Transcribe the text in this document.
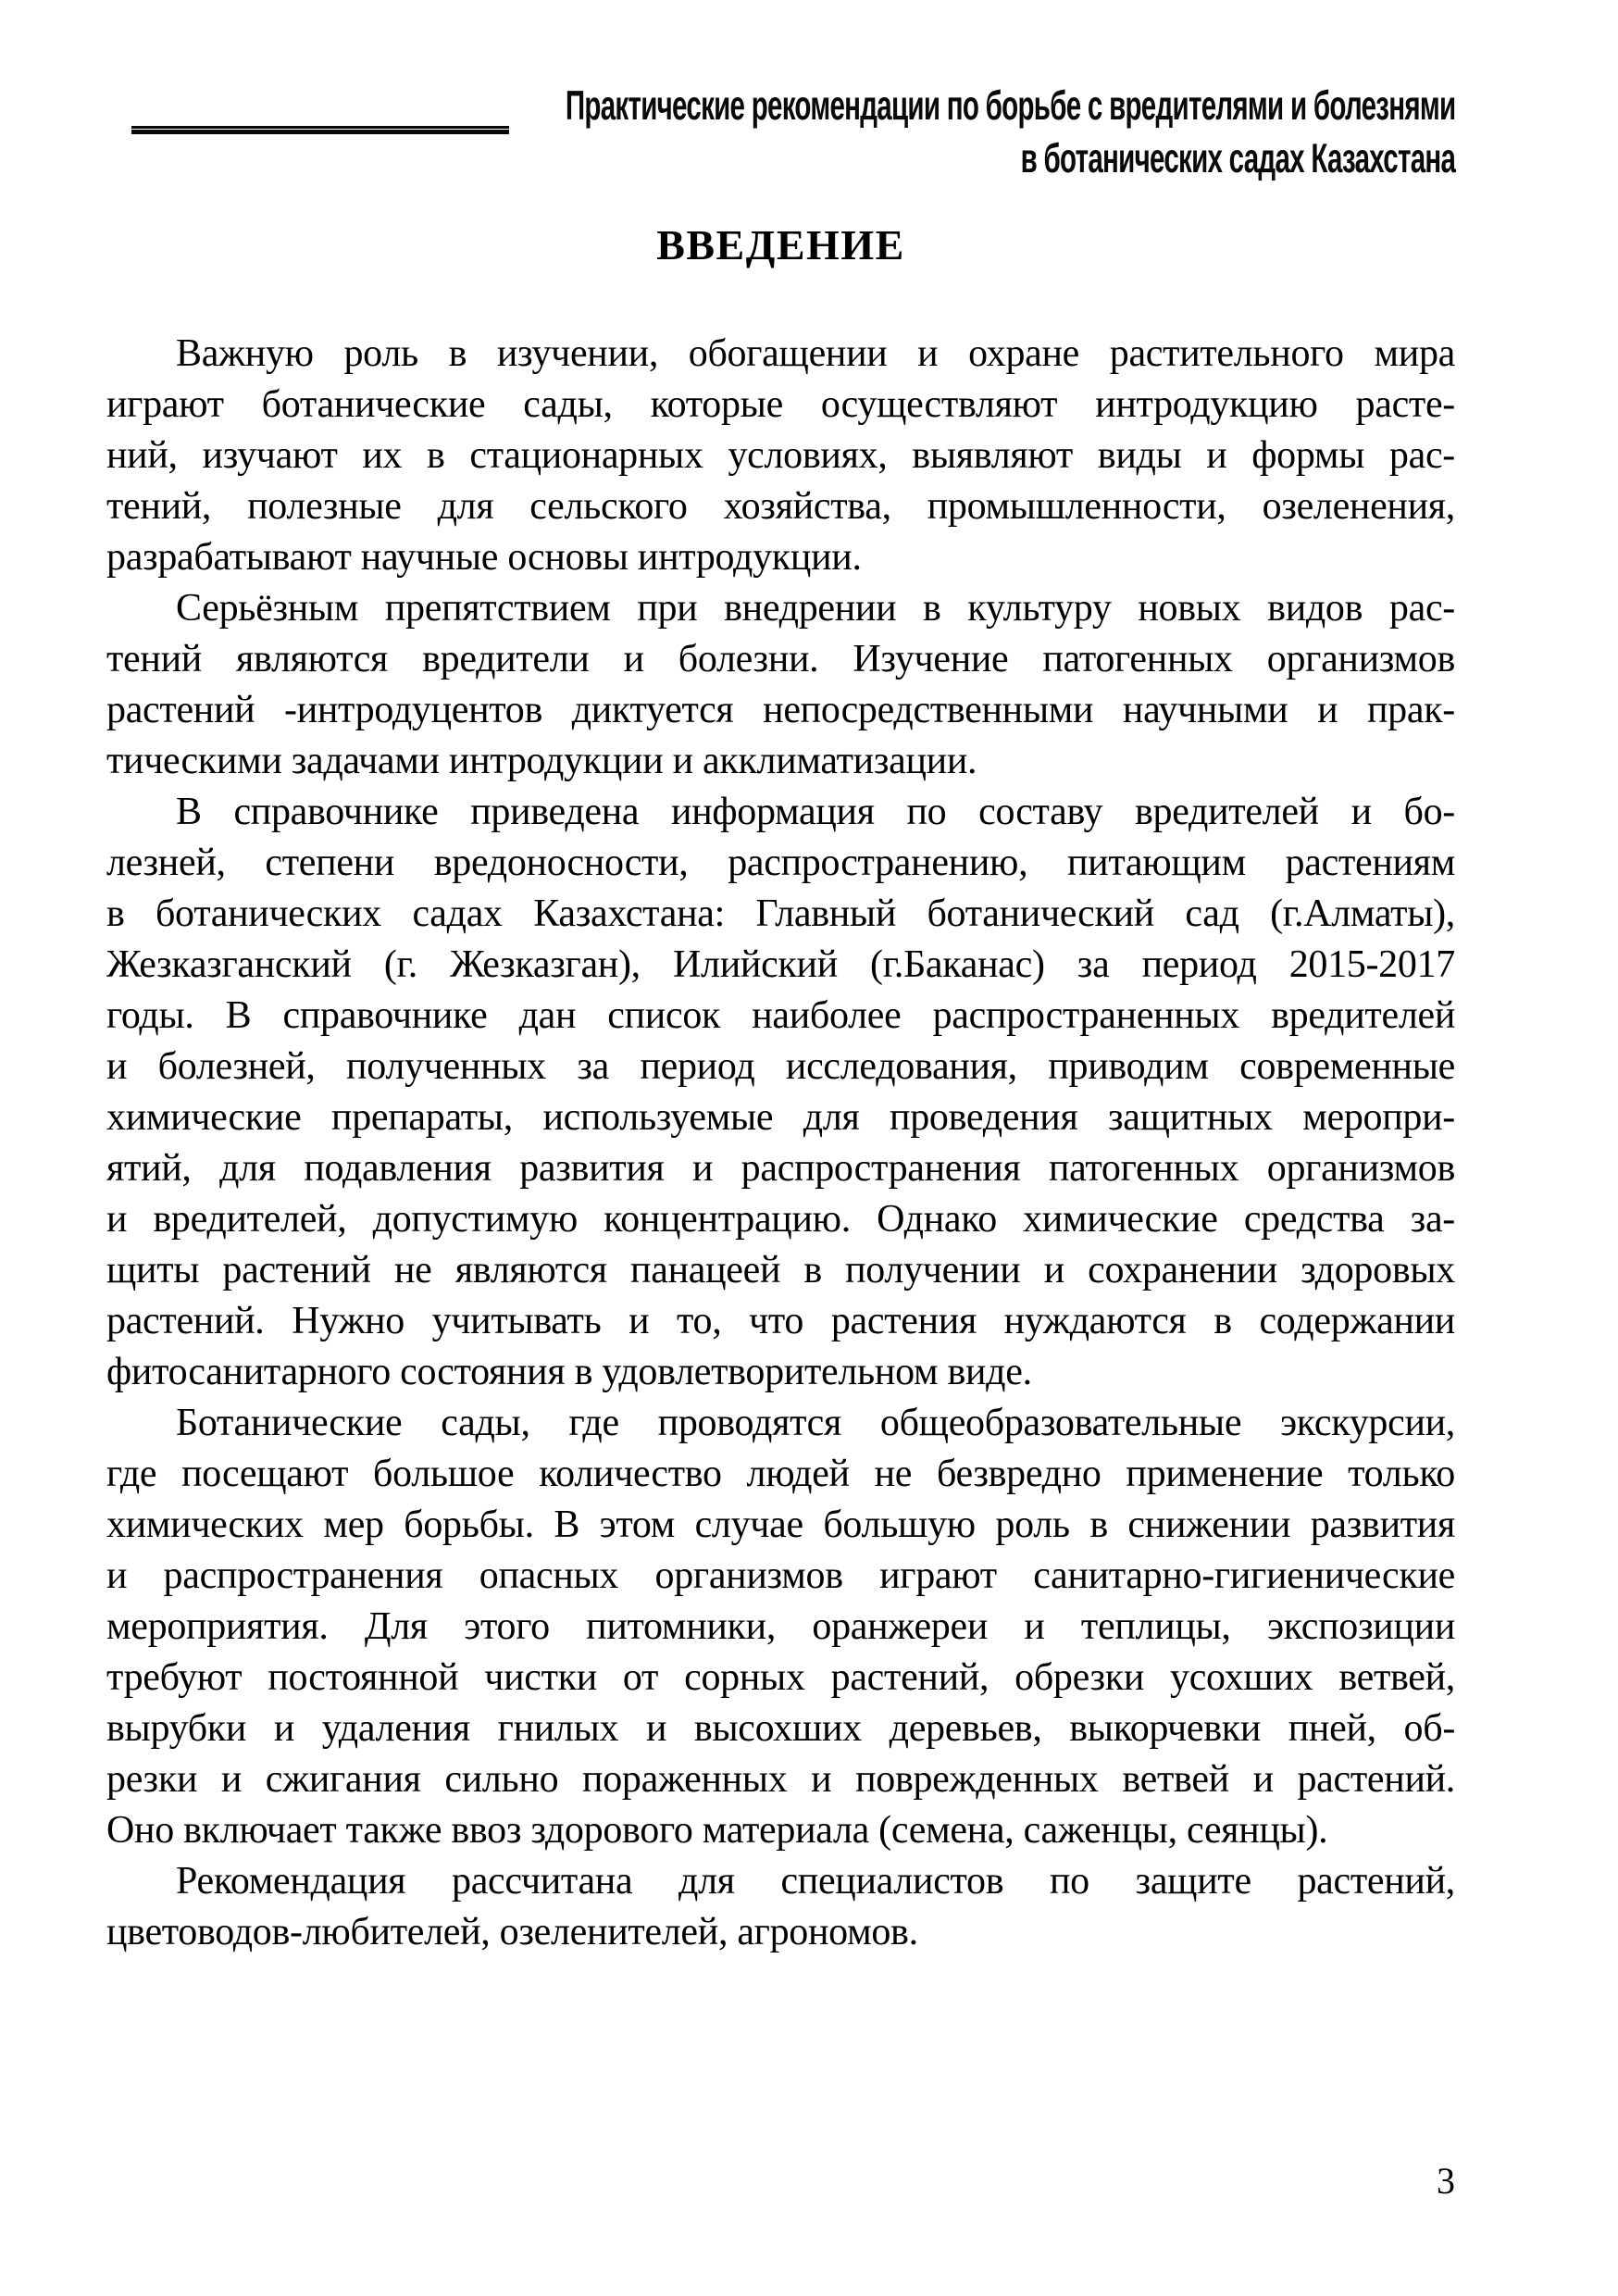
Практические рекомендации по борьбе с вредителями и болезнями
в ботанических садах Казахстана
ВВЕДЕНИЕ
Важную роль в изучении, обогащении и охране растительного мира
играют ботанические сады, которые осуществляют интродукцию расте-
ний, изучают их в стационарных условиях, выявляют виды и формы рас-
тений, полезные для сельского хозяйства, промышленности, озеленения,
разрабатывают научные основы интродукции.
Серьёзным препятствием при внедрении в культуру новых видов рас-
тений являются вредители и болезни. Изучение патогенных организмов
растений -интродуцентов диктуется непосредственными научными и прак-
тическими задачами интродукции и акклиматизации.
В справочнике приведена информация по составу вредителей и бо-
лезней, степени вредоносности, распространению, питающим растениям
в ботанических садах Казахстана: Главный ботанический сад (г.Алматы),
Жезказганский (г. Жезказган), Илийский (г.Баканас) за период 2015-2017
годы. В справочнике дан список наиболее распространенных вредителей
и болезней, полученных за период исследования, приводим современные
химические препараты, используемые для проведения защитных меропри-
ятий, для подавления развития и распространения патогенных организмов
и вредителей, допустимую концентрацию. Однако химические средства за-
щиты растений не являются панацеей в получении и сохранении здоровых
растений. Нужно учитывать и то, что растения нуждаются в содержании
фитосанитарного состояния в удовлетворительном виде.
Ботанические сады, где проводятся общеобразовательные экскурсии,
где посещают большое количество людей не безвредно применение только
химических мер борьбы. В этом случае большую роль в снижении развития
и распространения опасных организмов играют санитарно-гигиенические
мероприятия. Для этого питомники, оранжереи и теплицы, экспозиции
требуют постоянной чистки от сорных растений, обрезки усохших ветвей,
вырубки и удаления гнилых и высохших деревьев, выкорчевки пней, об-
резки и сжигания сильно пораженных и поврежденных ветвей и растений.
Оно включает также ввоз здорового материала (семена, саженцы, сеянцы).
Рекомендация рассчитана для специалистов по защите растений,
цветоводов-любителей, озеленителей, агрономов.
3
